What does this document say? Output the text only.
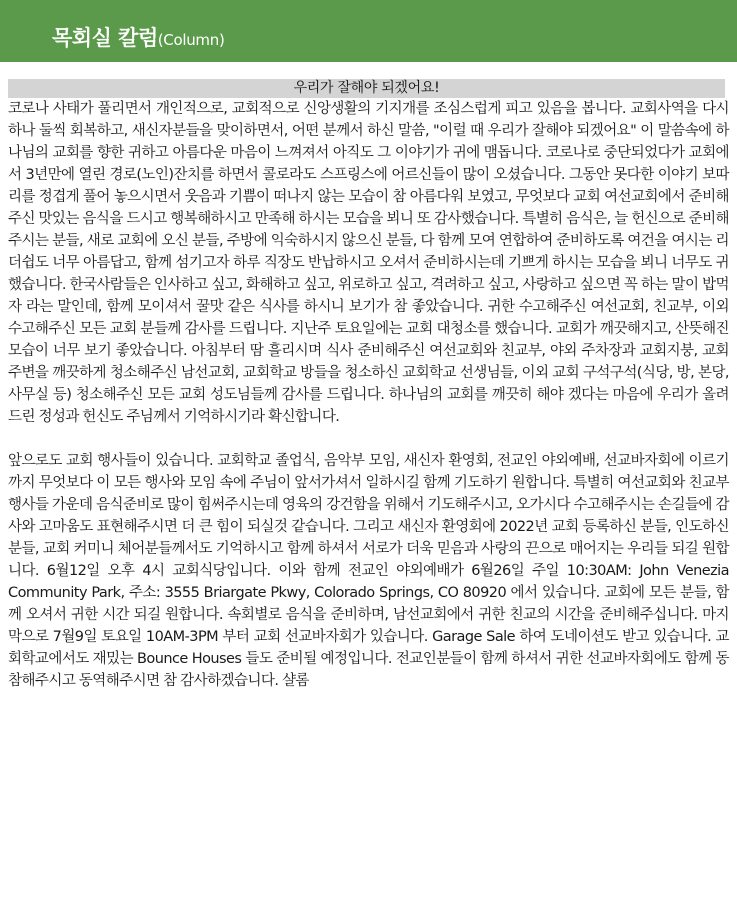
목회실 칼럼(Column)
우리가 잘해야 되겠어요!

코로나 사태가 풀리면서 개인적으로, 교회적으로 신앙생활의 기지개를 조심스럽게 피고 있음을 봅니다. 교회사역을 다시 하나 둘씩 회복하고, 새신자분들을 맞이하면서, 어떤 분께서 하신 말씀, "이럴 때 우리가 잘해야 되겠어요" 이 말씀속에 하나님의 교회를 향한 귀하고 아름다운 마음이 느껴져서 아직도 그 이야기가 귀에 맴돕니다. 코로나로 중단되었다가 교회에서 3년만에 열린 경로(노인)잔치를 하면서 콜로라도 스프링스에 어르신들이 많이 오셨습니다. 그동안 못다한 이야기 보따리를 정겹게 풀어 놓으시면서 웃음과 기쁨이 떠나지 않는 모습이 참 아름다워 보였고, 무엇보다 교회 여선교회에서 준비해주신 맛있는 음식을 드시고 행복해하시고 만족해 하시는 모습을 뵈니 또 감사했습니다. 특별히 음식은, 늘 헌신으로 준비해주시는 분들, 새로 교회에 오신 분들, 주방에 익숙하시지 않으신 분들, 다 함께 모여 연합하여 준비하도록 여건을 여시는 리더쉽도 너무 아름답고, 함께 섬기고자 하루 직장도 반납하시고 오셔서 준비하시는데 기쁘게 하시는 모습을 뵈니 너무도 귀했습니다. 한국사람들은 인사하고 싶고, 화해하고 싶고, 위로하고 싶고, 격려하고 싶고, 사랑하고 싶으면 꼭 하는 말이 밥먹자 라는 말인데, 함께 모이셔서 꿀맛 같은 식사를 하시니 보기가 참 좋았습니다. 귀한 수고해주신 여선교회, 친교부, 이외 수고해주신 모든 교회 분들께 감사를 드립니다. 지난주 토요일에는 교회 대청소를 했습니다. 교회가 깨끗해지고, 산뜻해진 모습이 너무 보기 좋았습니다. 아침부터 땀 흘리시며 식사 준비해주신 여선교회와 친교부, 야외 주차장과 교회지붕, 교회 주변을 깨끗하게 청소해주신 남선교회, 교회학교 방들을 청소하신 교회학교 선생님들, 이외 교회 구석구석(식당, 방, 본당, 사무실 등) 청소해주신 모든 교회 성도님들께 감사를 드립니다. 하나님의 교회를 깨끗히 해야 겠다는 마음에 우리가 올려드린 정성과 헌신도 주님께서 기억하시기라 확신합니다.

앞으로도 교회 행사들이 있습니다. 교회학교 졸업식, 음악부 모임, 새신자 환영회, 전교인 야외예배, 선교바자회에 이르기까지 무엇보다 이 모든 행사와 모임 속에 주님이 앞서가셔서 일하시길 함께 기도하기 원합니다. 특별히 여선교회와 친교부 행사들 가운데 음식준비로 많이 힘써주시는데 영육의 강건함을 위해서 기도해주시고, 오가시다 수고해주시는 손길들에 감사와 고마움도 표현해주시면 더 큰 힘이 되실것 같습니다. 그리고 새신자 환영회에 2022년 교회 등록하신 분들, 인도하신 분들, 교회 커미니 체어분들께서도 기억하시고 함께 하셔서 서로가 더욱 믿음과 사랑의 끈으로 매어지는 우리들 되길 원합니다. 6월12일 오후 4시 교회식당입니다. 이와 함께 전교인 야외예배가 6월26일 주일 10:30AM: John Venezia Community Park, 주소: 3555 Briargate Pkwy, Colorado Springs, CO 80920 에서 있습니다. 교회에 모든 분들, 함께 오셔서 귀한 시간 되길 원합니다. 속회별로 음식을 준비하며, 남선교회에서 귀한 친교의 시간을 준비해주십니다. 마지막으로 7월9일 토요일 10AM-3PM 부터 교회 선교바자회가 있습니다. Garage Sale 하여 도네이션도 받고 있습니다. 교회학교에서도 재밌는 Bounce Houses 들도 준비될 예정입니다. 전교인분들이 함께 하셔서 귀한 선교바자회에도 함께 동참해주시고 동역해주시면 참 감사하겠습니다. 샬롬
